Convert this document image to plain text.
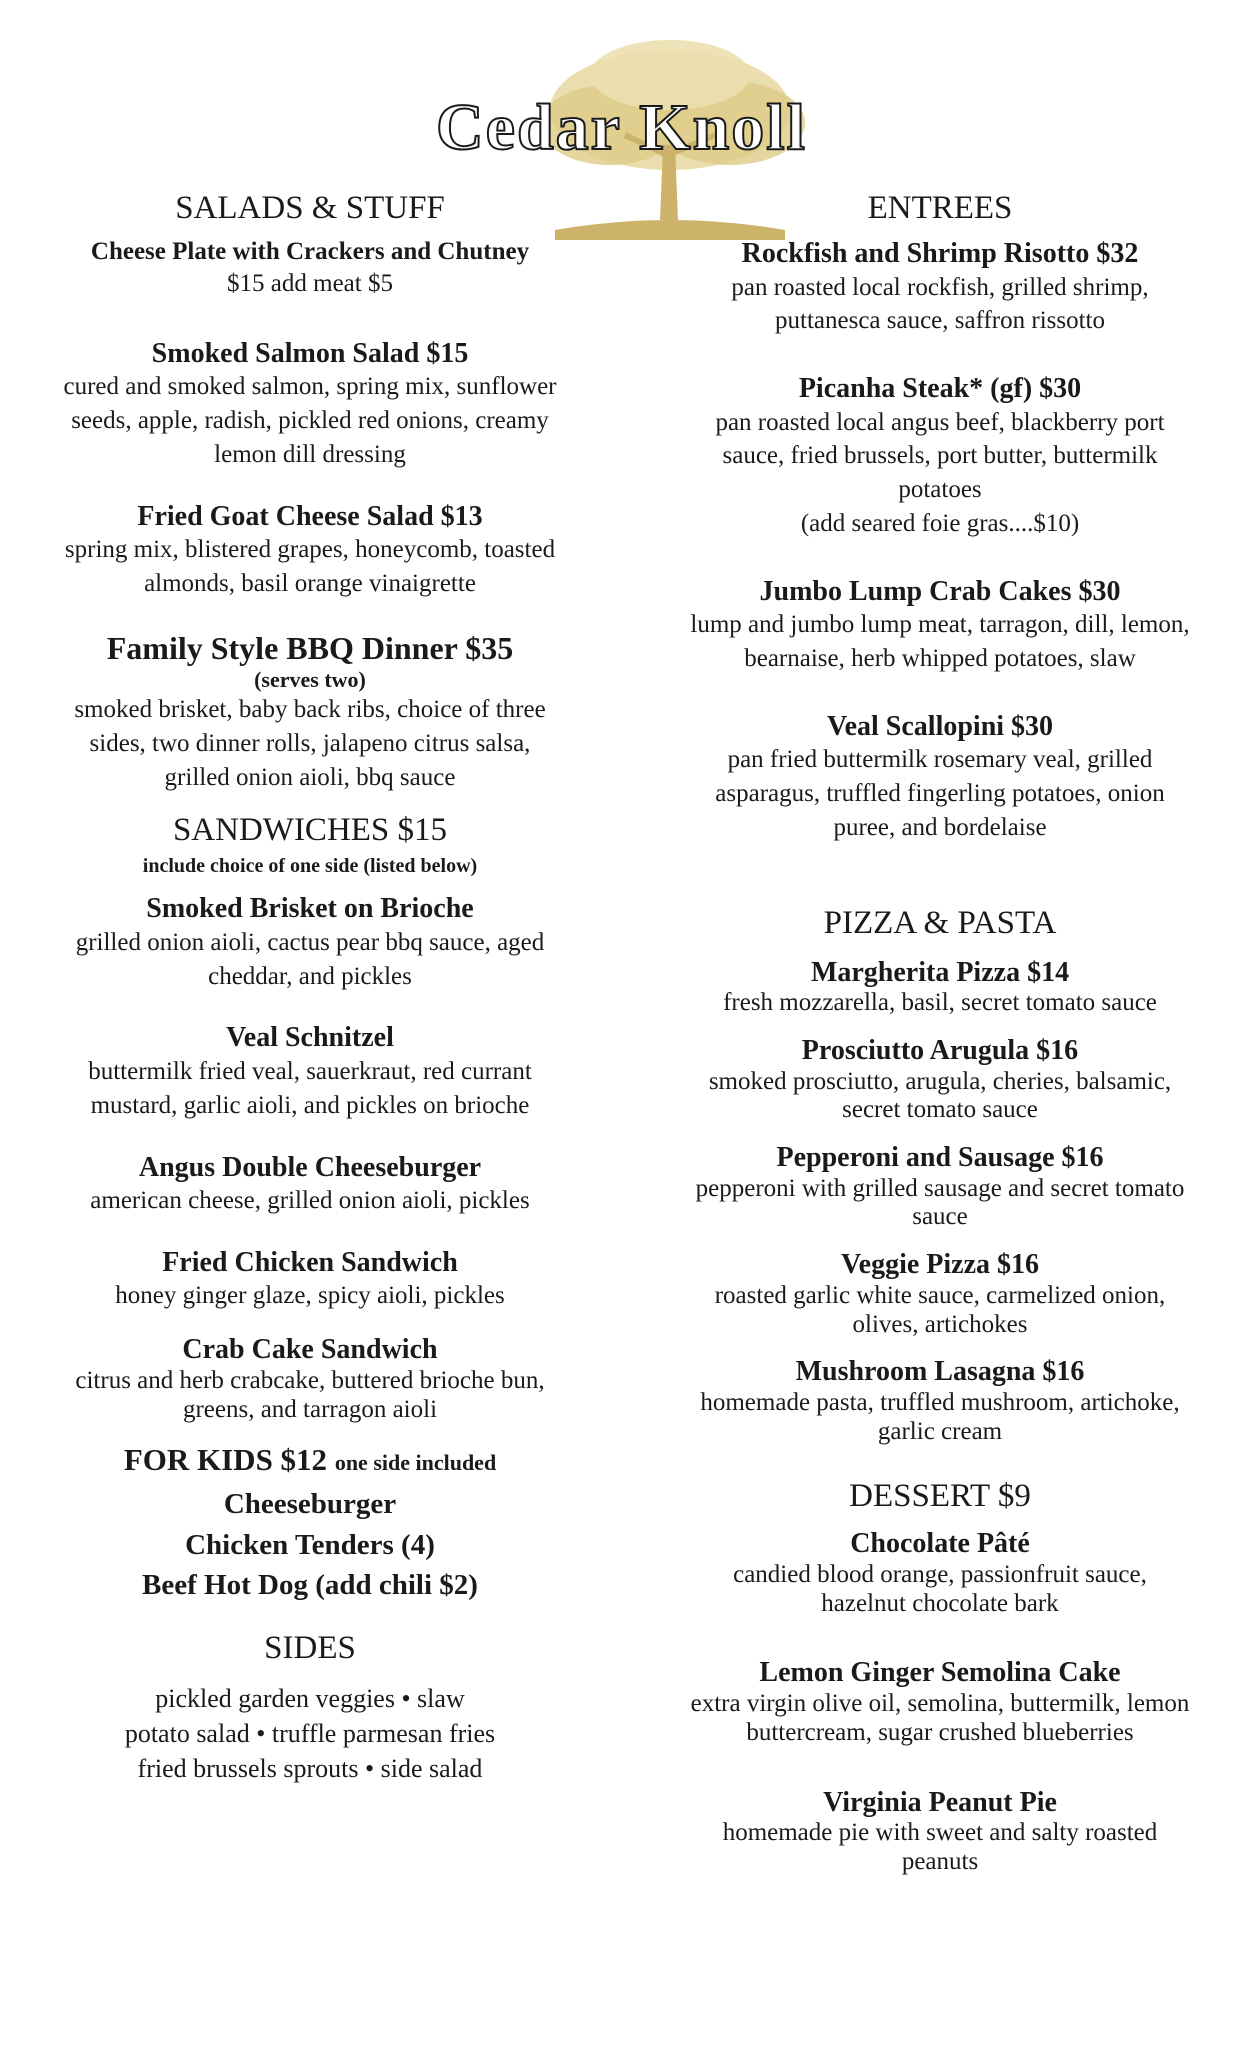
Cedar Knoll
SALADS & STUFF
Cheese Plate with Crackers and Chutney
$15 add meat $5
Smoked Salmon Salad $15
cured and smoked salmon, spring mix, sunflower seeds, apple, radish, pickled red onions, creamy lemon dill dressing
Fried Goat Cheese Salad $13
spring mix, blistered grapes, honeycomb, toasted almonds, basil orange vinaigrette
Family Style BBQ Dinner $35
(serves two)
smoked brisket, baby back ribs, choice of three sides, two dinner rolls, jalapeno citrus salsa, grilled onion aioli, bbq sauce
SANDWICHES $15
include choice of one side (listed below)
Smoked Brisket on Brioche
grilled onion aioli, cactus pear bbq sauce, aged cheddar, and pickles
Veal Schnitzel
buttermilk fried veal, sauerkraut, red currant mustard, garlic aioli, and pickles on brioche
Angus Double Cheeseburger
american cheese, grilled onion aioli, pickles
Fried Chicken Sandwich
honey ginger glaze, spicy aioli, pickles
Crab Cake Sandwich
citrus and herb crabcake, buttered brioche bun, greens, and tarragon aioli
FOR KIDS $12 one side included
Cheeseburger
Chicken Tenders (4)
Beef Hot Dog (add chili $2)
SIDES
pickled garden veggies • slaw
potato salad • truffle parmesan fries
fried brussels sprouts • side salad
ENTREES
Rockfish and Shrimp Risotto $32
pan roasted local rockfish, grilled shrimp, puttanesca sauce, saffron rissotto
Picanha Steak* (gf) $30
pan roasted local angus beef, blackberry port sauce, fried brussels, port butter, buttermilk potatoes
(add seared foie gras....$10)
Jumbo Lump Crab Cakes $30
lump and jumbo lump meat, tarragon, dill, lemon, bearnaise, herb whipped potatoes, slaw
Veal Scallopini $30
pan fried buttermilk rosemary veal, grilled asparagus, truffled fingerling potatoes, onion puree, and bordelaise
PIZZA & PASTA
Margherita Pizza $14
fresh mozzarella, basil, secret tomato sauce
Prosciutto Arugula $16
smoked prosciutto, arugula, cheries, balsamic, secret tomato sauce
Pepperoni and Sausage $16
pepperoni with grilled sausage and secret tomato sauce
Veggie Pizza $16
roasted garlic white sauce, carmelized onion, olives, artichokes
Mushroom Lasagna $16
homemade pasta, truffled mushroom, artichoke, garlic cream
DESSERT $9
Chocolate Pâté
candied blood orange, passionfruit sauce, hazelnut chocolate bark
Lemon Ginger Semolina Cake
extra virgin olive oil, semolina, buttermilk, lemon buttercream, sugar crushed blueberries
Virginia Peanut Pie
homemade pie with sweet and salty roasted peanuts
